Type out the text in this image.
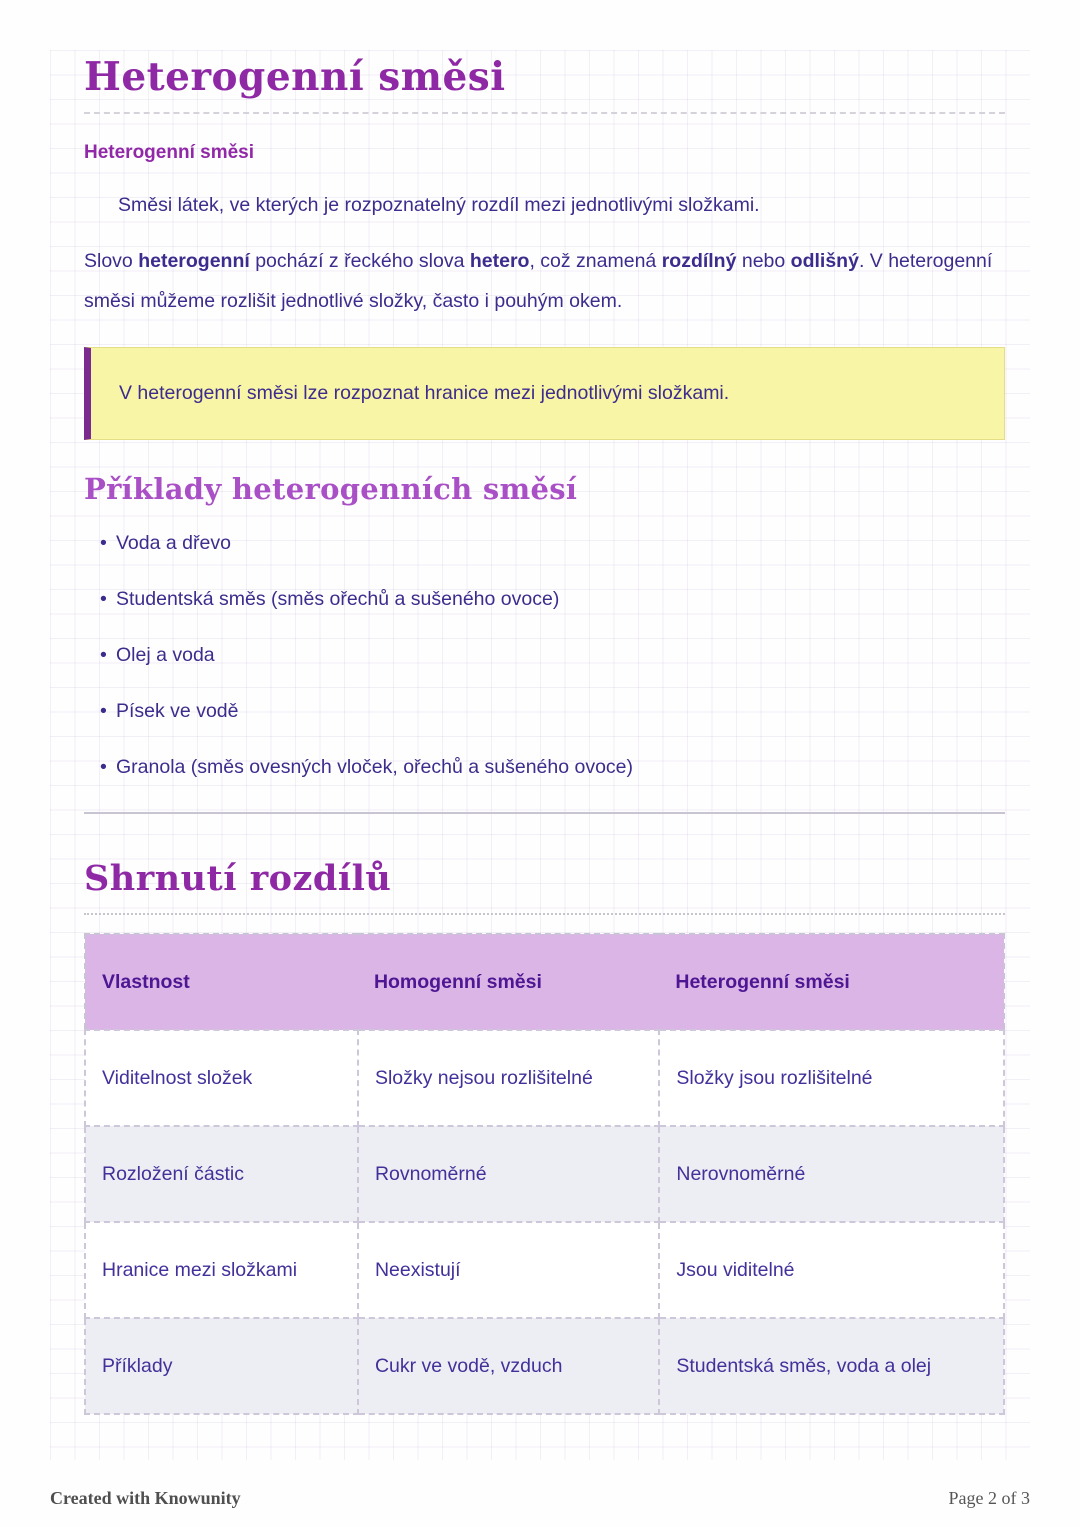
Heterogenní směsi
Heterogenní směsi

Směsi látek, ve kterých je rozpoznatelný rozdíl mezi jednotlivými složkami.

Slovo heterogenní pochází z řeckého slova hetero, což znamená rozdílný nebo odlišný. V heterogenní směsi můžeme rozlišit jednotlivé složky, často i pouhým okem.

V heterogenní směsi lze rozpoznat hranice mezi jednotlivými složkami.

Příklady heterogenních směsí
• Voda a dřevo
• Studentská směs (směs ořechů a sušeného ovoce)
• Olej a voda
• Písek ve vodě
• Granola (směs ovesných vloček, ořechů a sušeného ovoce)
Shrnutí rozdílů
Vlastnost	Homogenní směsi	Heterogenní směsi
Viditelnost složek	Složky nejsou rozlišitelné	Složky jsou rozlišitelné
Rozložení částic	Rovnoměrné	Nerovnoměrné
Hranice mezi složkami	Neexistují	Jsou viditelné
Příklady	Cukr ve vodě, vzduch	Studentská směs, voda a olej
Created with Knowunity	Page 2 of 3
